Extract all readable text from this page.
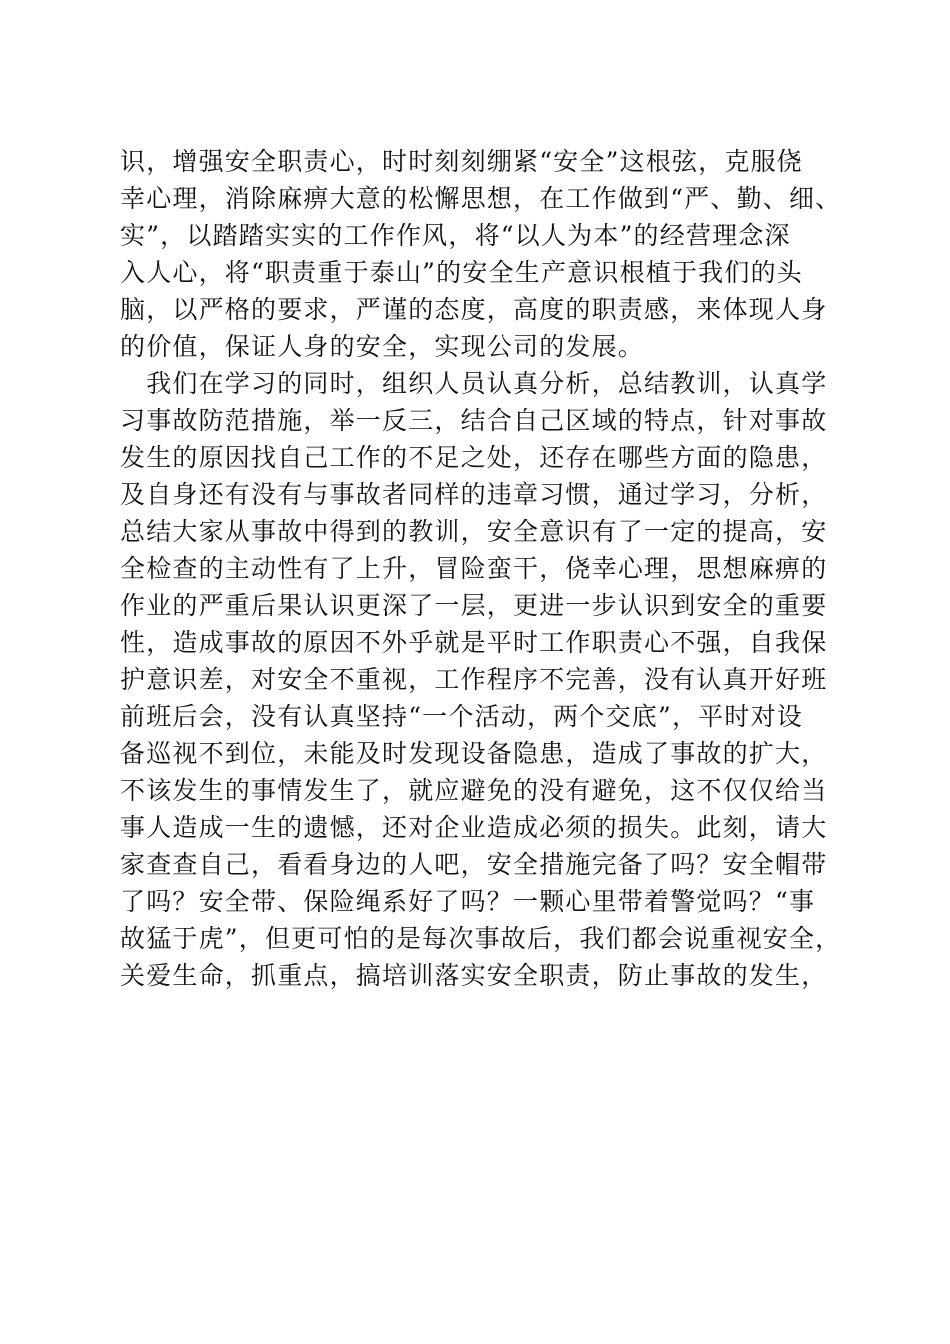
识，增强安全职责心，时时刻刻绷紧“安全”这根弦，克服侥
幸心理，消除麻痹大意的松懈思想，在工作做到“严、勤、细、
实”，以踏踏实实的工作作风，将“以人为本”的经营理念深
入人心，将“职责重于泰山”的安全生产意识根植于我们的头
脑，以严格的要求，严谨的态度，高度的职责感，来体现人身
的价值，保证人身的安全，实现公司的发展。
　我们在学习的同时，组织人员认真分析，总结教训，认真学
习事故防范措施，举一反三，结合自己区域的特点，针对事故
发生的原因找自己工作的不足之处，还存在哪些方面的隐患，
及自身还有没有与事故者同样的违章习惯，通过学习，分析，
总结大家从事故中得到的教训，安全意识有了一定的提高，安
全检查的主动性有了上升，冒险蛮干，侥幸心理，思想麻痹的
作业的严重后果认识更深了一层，更进一步认识到安全的重要
性，造成事故的原因不外乎就是平时工作职责心不强，自我保
护意识差，对安全不重视，工作程序不完善，没有认真开好班
前班后会，没有认真坚持“一个活动，两个交底”，平时对设
备巡视不到位，未能及时发现设备隐患，造成了事故的扩大，
不该发生的事情发生了，就应避免的没有避免，这不仅仅给当
事人造成一生的遗憾，还对企业造成必须的损失。此刻，请大
家查查自己，看看身边的人吧，安全措施完备了吗？安全帽带
了吗？安全带、保险绳系好了吗？一颗心里带着警觉吗？“事
故猛于虎”，但更可怕的是每次事故后，我们都会说重视安全，
关爱生命，抓重点，搞培训落实安全职责，防止事故的发生，
